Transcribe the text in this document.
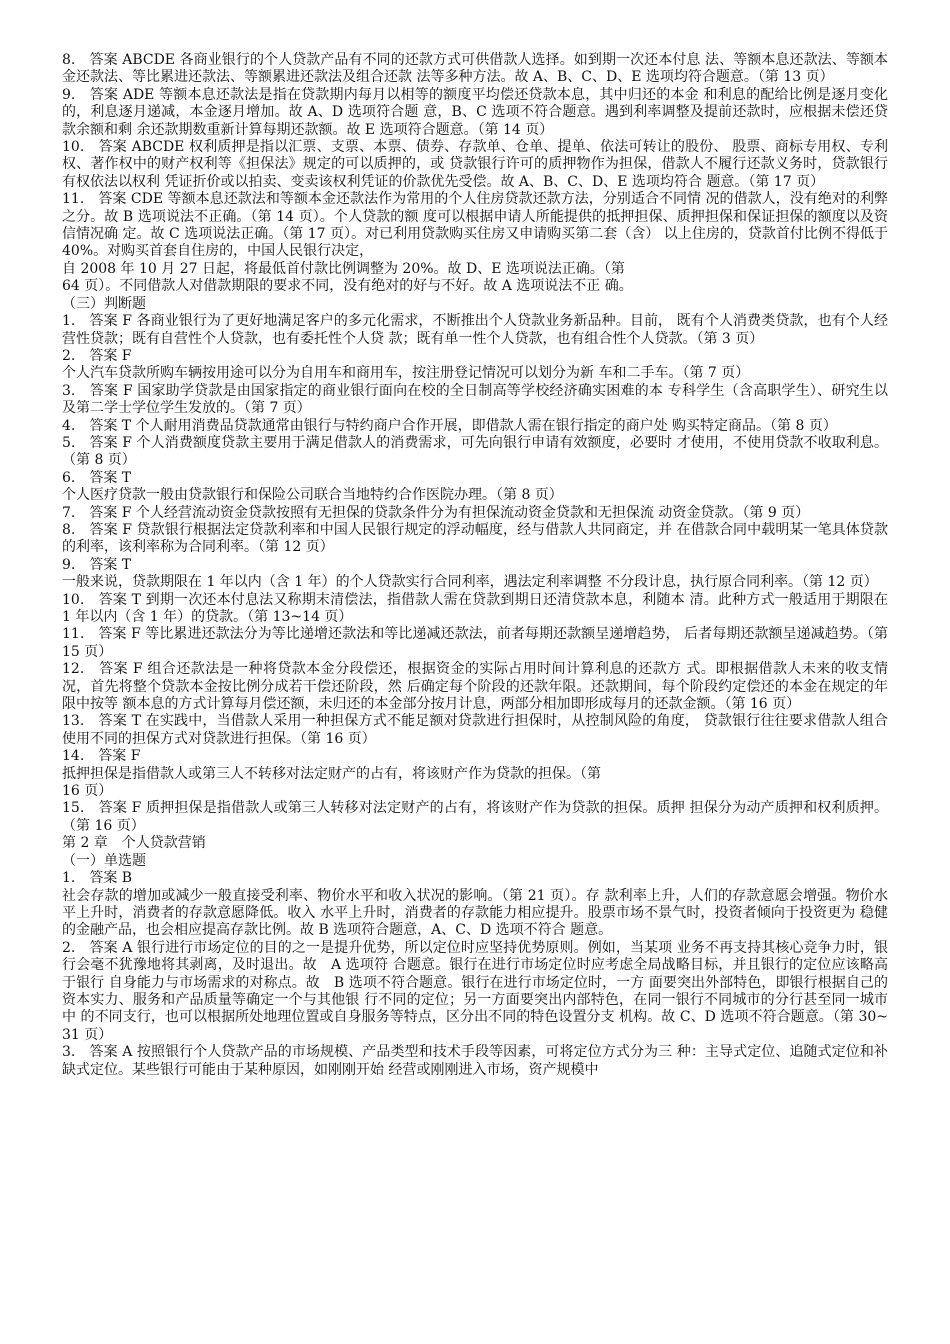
8.　答案 ABCDE 各商业银行的个人贷款产品有不同的还款方式可供借款人选择。如到期一次还本付息 法、等额本息还款法、等额本金还款法、等比累进还款法、等额累进还款法及组合还款 法等多种方法。故 A、B、C、D、E 选项均符合题意。（第 13 页）

9.　答案 ADE 等额本息还款法是指在贷款期内每月以相等的额度平均偿还贷款本息，其中归还的本金 和利息的配给比例是逐月变化的，利息逐月递减，本金逐月增加。故 A、D 选项符合题 意，B、C 选项不符合题意。遇到利率调整及提前还款时，应根据未偿还贷款余额和剩 余还款期数重新计算每期还款额。故 E 选项符合题意。（第 14 页）

10.　答案 ABCDE 权利质押是指以汇票、支票、本票、债券、存款单、仓单、提单、依法可转让的股份、 股票、商标专用权、专利权、著作权中的财产权利等《担保法》规定的可以质押的，或 贷款银行许可的质押物作为担保，借款人不履行还款义务时，贷款银行有权依法以权利 凭证折价或以拍卖、变卖该权利凭证的价款优先受偿。故 A、B、C、D、E 选项均符合 题意。（第 17 页）

11.　答案 CDE 等额本息还款法和等额本金还款法作为常用的个人住房贷款还款方法，分别适合不同情 况的借款人，没有绝对的利弊之分。故 B 选项说法不正确。（第 14 页）。个人贷款的额 度可以根据申请人所能提供的抵押担保、质押担保和保证担保的额度以及资信情况确 定。故 C 选项说法正确。（第 17 页）。对已利用贷款购买住房又申请购买第二套（含） 以上住房的，贷款首付比例不得低于 40%。对购买首套自住房的，中国人民银行决定，

自 2008 年 10 月 27 日起，将最低首付款比例调整为 20%。故 D、E 选项说法正确。（第

64 页）。不同借款人对借款期限的要求不同，没有绝对的好与不好。故 A 选项说法不正 确。

（三）判断题

1.　答案 F 各商业银行为了更好地满足客户的多元化需求，不断推出个人贷款业务新品种。目前， 既有个人消费类贷款，也有个人经营性贷款；既有自营性个人贷款，也有委托性个人贷 款；既有单一性个人贷款，也有组合性个人贷款。（第 3 页）

2.　答案 F

个人汽车贷款所购车辆按用途可以分为自用车和商用车，按注册登记情况可以划分为新 车和二手车。（第 7 页）

3.　答案 F 国家助学贷款是由国家指定的商业银行面向在校的全日制高等学校经济确实困难的本 专科学生（含高职学生）、研究生以及第二学士学位学生发放的。（第 7 页）

4.　答案 T 个人耐用消费品贷款通常由银行与特约商户合作开展，即借款人需在银行指定的商户处 购买特定商品。（第 8 页）

5.　答案 F 个人消费额度贷款主要用于满足借款人的消费需求，可先向银行申请有效额度，必要时 才使用，不使用贷款不收取利息。（第 8 页）

6.　答案 T

个人医疗贷款一般由贷款银行和保险公司联合当地特约合作医院办理。（第 8 页）

7.　答案 F 个人经营流动资金贷款按照有无担保的贷款条件分为有担保流动资金贷款和无担保流 动资金贷款。（第 9 页）

8.　答案 F 贷款银行根据法定贷款利率和中国人民银行规定的浮动幅度，经与借款人共同商定，并 在借款合同中载明某一笔具体贷款的利率，该利率称为合同利率。（第 12 页）

9.　答案 T

一般来说，贷款期限在 1 年以内（含 1 年）的个人贷款实行合同利率，遇法定利率调整 不分段计息，执行原合同利率。（第 12 页）

10.　答案 T 到期一次还本付息法又称期末清偿法，指借款人需在贷款到期日还清贷款本息，利随本 清。此种方式一般适用于期限在 1 年以内（含 1 年）的贷款。（第 13~14 页）

11.　答案 F 等比累进还款法分为等比递增还款法和等比递减还款法，前者每期还款额呈递增趋势， 后者每期还款额呈递减趋势。（第 15 页）

12.　答案 F 组合还款法是一种将贷款本金分段偿还，根据资金的实际占用时间计算利息的还款方 式。即根据借款人未来的收支情况，首先将整个贷款本金按比例分成若干偿还阶段，然 后确定每个阶段的还款年限。还款期间，每个阶段约定偿还的本金在规定的年限中按等 额本息的方式计算每月偿还额，未归还的本金部分按月计息，两部分相加即形成每月的还款金额。（第 16 页）

13.　答案 T 在实践中，当借款人采用一种担保方式不能足额对贷款进行担保时，从控制风险的角度， 贷款银行往往要求借款人组合使用不同的担保方式对贷款进行担保。（第 16 页）

14.　答案 F

抵押担保是指借款人或第三人不转移对法定财产的占有，将该财产作为贷款的担保。（第

16 页）

15.　答案 F 质押担保是指借款人或第三人转移对法定财产的占有，将该财产作为贷款的担保。质押 担保分为动产质押和权利质押。（第 16 页）

第 2 章　个人贷款营销

（一）单选题

1.　答案 B

社会存款的增加或减少一般直接受利率、物价水平和收入状况的影响。（第 21 页）。存 款利率上升，人们的存款意愿会增强。物价水平上升时，消费者的存款意愿降低。收入 水平上升时，消费者的存款能力相应提升。股票市场不景气时，投资者倾向于投资更为 稳健的金融产品，也会相应提高存款比例。故 B 选项符合题意，A、C、D 选项不符合 题意。

2.　答案 A 银行进行市场定位的目的之一是提升优势，所以定位时应坚持优势原则。例如，当某项 业务不再支持其核心竞争力时，银行会毫不犹豫地将其剥离，及时退出。故　A 选项符 合题意。银行在进行市场定位时应考虑全局战略目标，并且银行的定位应该略高于银行 自身能力与市场需求的对称点。故　B 选项不符合题意。银行在进行市场定位时，一方 面要突出外部特色，即银行根据自己的资本实力、服务和产品质量等确定一个与其他银 行不同的定位；另一方面要突出内部特色，在同一银行不同城市的分行甚至同一城市中 的不同支行，也可以根据所处地理位置或自身服务等特点，区分出不同的特色设置分支 机构。故 C、D 选项不符合题意。（第 30~31 页）

3.　答案 A 按照银行个人贷款产品的市场规模、产品类型和技术手段等因素，可将定位方式分为三 种：主导式定位、追随式定位和补缺式定位。某些银行可能由于某种原因，如刚刚开始 经营或刚刚进入市场，资产规模中
